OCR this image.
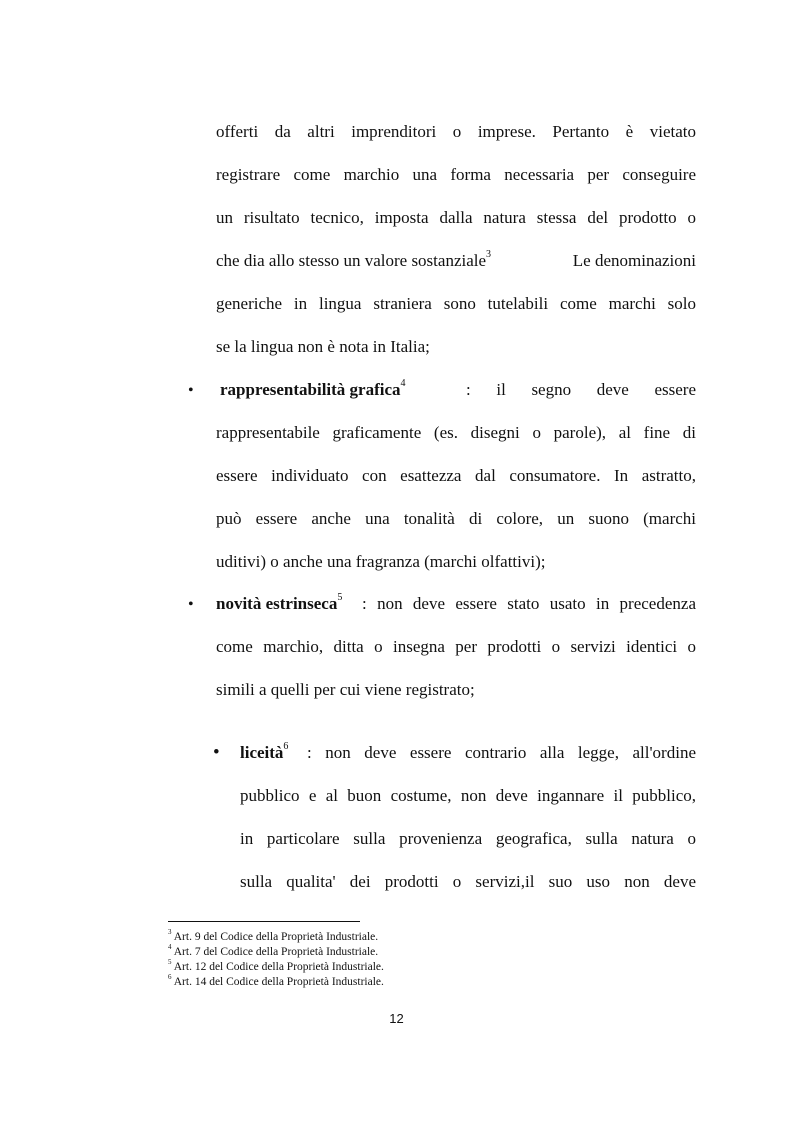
offerti da altri imprenditori o imprese. Pertanto è vietato
registrare come marchio una forma necessaria per conseguire
un risultato tecnico, imposta dalla natura stessa del prodotto o
che dia allo stesso un valore sostanziale$^3$	Le denominazioni
generiche in lingua straniera sono tutelabili come marchi solo
se la lingua non è nota in Italia;
• rappresentabilità grafica$^4$	: il segno deve essere
rappresentabile graficamente (es. disegni o parole), al fine di
essere individuato con esattezza dal consumatore. In astratto,
può essere anche una tonalità di colore, un suono (marchi
uditivi) o anche una fragranza (marchi olfattivi);
• novità estrinseca$^5$ : non deve essere stato usato in precedenza
come marchio, ditta o insegna per prodotti o servizi identici o
simili a quelli per cui viene registrato;
• liceità$^6$ : non deve essere contrario alla legge, all'ordine
pubblico e al buon costume, non deve ingannare il pubblico,
in particolare sulla provenienza geografica, sulla natura o
sulla qualita' dei prodotti o servizi,il suo uso non deve
$^3$ Art. 9 del Codice della Proprietà Industriale.
$^4$ Art. 7 del Codice della Proprietà Industriale.
$^5$ Art. 12 del Codice della Proprietà Industriale.
$^6$ Art. 14 del Codice della Proprietà Industriale.
12
